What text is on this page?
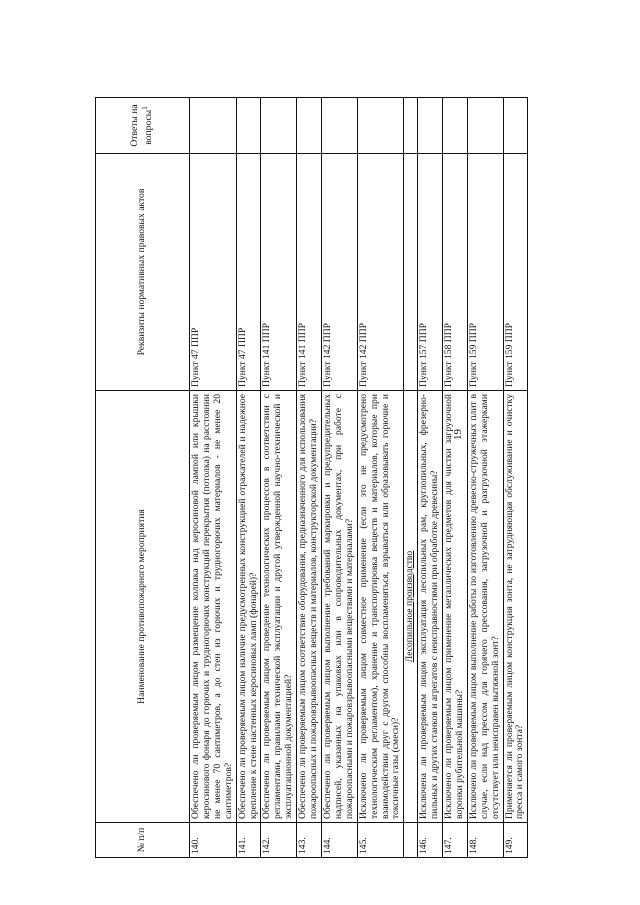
19
№ п/п	Наименование противопожарного мероприятия	Реквизиты нормативных правовых актов	Ответы на вопросы$^1$
140.	Обеспечено ли проверяемым лицом размещение колпака над керосиновой лампой или крышки керосинового фонаря до горючих и трудногорючих конструкций перекрытия (потолка) на расстоянии не менее 70 сантиметров, а до стен из горючих и трудногорючих материалов - не менее 20 сантиметров?	Пункт 47 ППР	
141.	Обеспечено ли проверяемым лицом наличие предусмотренных конструкцией отражателей и надежное крепление к стене настенных керосиновых ламп (фонарей)?	Пункт 47 ППР	
142.	Обеспечено ли проверяемым лицом проведение технологических процессов в соответствии с регламентами, правилами технической эксплуатации и другой утвержденной научно-технической и эксплуатационной документацией?	Пункт 141 ППР	
143.	Обеспечено ли проверяемым лицом соответствие оборудования, предназначенного для использования пожароопасных и пожаровзрывоопасных веществ и материалов, конструкторской документации?	Пункт 141 ППР	
144.	Обеспечено ли проверяемым лицом выполнение требований маркировки и предупредительных надписей, указанных на упаковках или в сопроводительных документах, при работе с пожароопасными и пожаровзрывоопасными веществами и материалами?	Пункт 142 ППР	
145.	Исключено ли проверяемым лицом совместное применение (если это не предусмотрено технологическим регламентом), хранение и транспортировка веществ и материалов, которые при взаимодействии друг с другом способны воспламеняться, взрываться или образовывать горючие и токсичные газы (смеси)?	Пункт 142 ППР	
	Лесопильное производство		
146.	Исключена ли проверяемым лицом эксплуатация лесопильных рам, круглопильных, фрезерно-пильных и других станков и агрегатов с неисправностями при обработке древесины?	Пункт 157 ППР	
147.	Исключено ли проверяемым лицом применение металлических предметов для чистки загрузочной воронки рубительной машины?	Пункт 158 ППР	
148.	Исключено ли проверяемым лицом выполнение работы по изготовлению древесно-стружечных плит в случае, если над прессом для горячего прессования, загрузочной и разгрузочной этажерками отсутствует или неисправен вытяжной зонт?	Пункт 159 ППР	
149.	Применяется ли проверяемым лицом конструкция зонта, не затрудняющая обслуживание и очистку пресса и самого зонта?	Пункт 159 ППР	
